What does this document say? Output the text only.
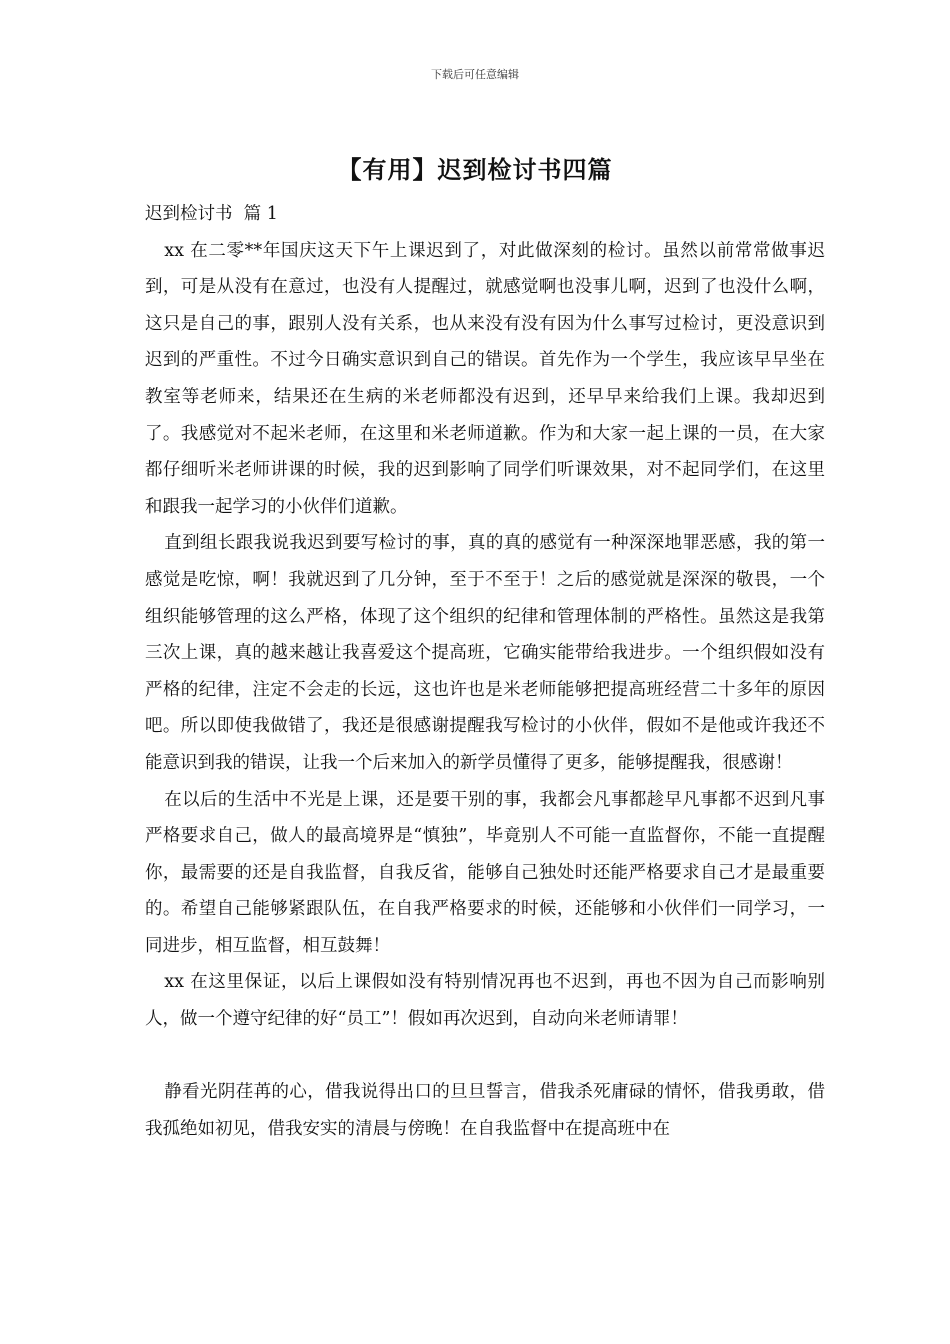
下载后可任意编辑
【有用】迟到检讨书四篇

迟到检讨书  篇 1

xx 在二零**年国庆这天下午上课迟到了，对此做深刻的检讨。虽然以前常常做事迟到，可是从没有在意过，也没有人提醒过，就感觉啊也没事儿啊，迟到了也没什么啊，这只是自己的事，跟别人没有关系，也从来没有没有因为什么事写过检讨，更没意识到迟到的严重性。不过今日确实意识到自己的错误。首先作为一个学生，我应该早早坐在教室等老师来，结果还在生病的米老师都没有迟到，还早早来给我们上课。我却迟到了。我感觉对不起米老师，在这里和米老师道歉。作为和大家一起上课的一员，在大家都仔细听米老师讲课的时候，我的迟到影响了同学们听课效果，对不起同学们，在这里和跟我一起学习的小伙伴们道歉。

直到组长跟我说我迟到要写检讨的事，真的真的感觉有一种深深地罪恶感，我的第一感觉是吃惊，啊！我就迟到了几分钟，至于不至于！之后的感觉就是深深的敬畏，一个组织能够管理的这么严格，体现了这个组织的纪律和管理体制的严格性。虽然这是我第三次上课，真的越来越让我喜爱这个提高班，它确实能带给我进步。一个组织假如没有严格的纪律，注定不会走的长远，这也许也是米老师能够把提高班经营二十多年的原因吧。所以即使我做错了，我还是很感谢提醒我写检讨的小伙伴，假如不是他或许我还不能意识到我的错误，让我一个后来加入的新学员懂得了更多，能够提醒我，很感谢！

在以后的生活中不光是上课，还是要干别的事，我都会凡事都趁早凡事都不迟到凡事严格要求自己，做人的最高境界是“慎独”，毕竟别人不可能一直监督你，不能一直提醒你，最需要的还是自我监督，自我反省，能够自己独处时还能严格要求自己才是最重要的。希望自己能够紧跟队伍，在自我严格要求的时候，还能够和小伙伴们一同学习，一同进步，相互监督，相互鼓舞！

xx 在这里保证，以后上课假如没有特别情况再也不迟到，再也不因为自己而影响别人，做一个遵守纪律的好“员工”！假如再次迟到，自动向米老师请罪！

静看光阴荏苒的心，借我说得出口的旦旦誓言，借我杀死庸碌的情怀，借我勇敢，借我孤绝如初见，借我安实的清晨与傍晚！在自我监督中在提高班中在
